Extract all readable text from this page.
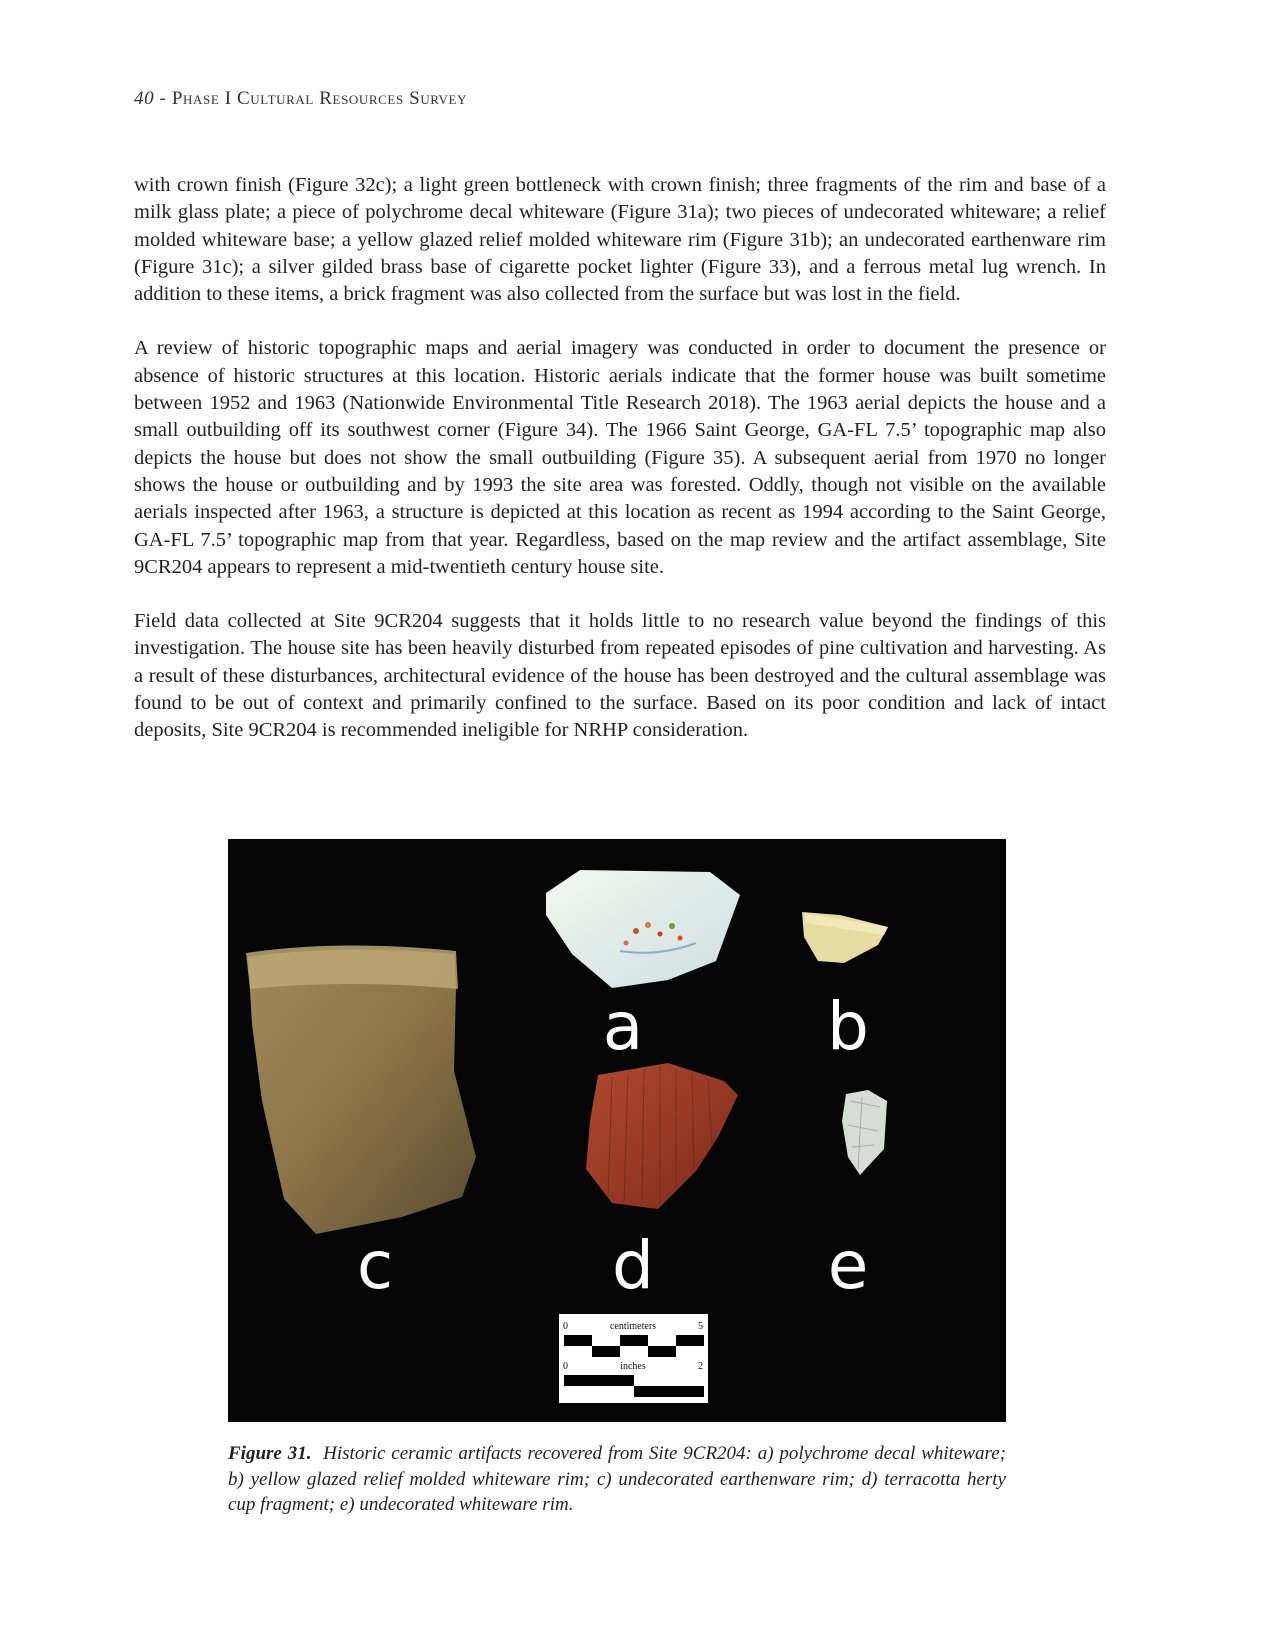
40 - Phase I Cultural Resources Survey

with crown finish (Figure 32c); a light green bottleneck with crown finish; three fragments of the rim and base of a milk glass plate; a piece of polychrome decal whiteware (Figure 31a); two pieces of undecorated whiteware; a relief molded whiteware base; a yellow glazed relief molded whiteware rim (Figure 31b); an undecorated earthenware rim (Figure 31c); a silver gilded brass base of cigarette pocket lighter (Figure 33), and a ferrous metal lug wrench. In addition to these items, a brick fragment was also collected from the surface but was lost in the field.

A review of historic topographic maps and aerial imagery was conducted in order to document the presence or absence of historic structures at this location. Historic aerials indicate that the former house was built sometime between 1952 and 1963 (Nationwide Environmental Title Research 2018). The 1963 aerial depicts the house and a small outbuilding off its southwest corner (Figure 34). The 1966 Saint George, GA-FL 7.5’ topographic map also depicts the house but does not show the small outbuilding (Figure 35). A subsequent aerial from 1970 no longer shows the house or outbuilding and by 1993 the site area was forested. Oddly, though not visible on the available aerials inspected after 1963, a structure is depicted at this location as recent as 1994 according to the Saint George, GA-FL 7.5’ topographic map from that year. Regardless, based on the map review and the artifact assemblage, Site 9CR204 appears to represent a mid-twentieth century house site.

Field data collected at Site 9CR204 suggests that it holds little to no research value beyond the findings of this investigation. The house site has been heavily disturbed from repeated episodes of pine cultivation and harvesting. As a result of these disturbances, architectural evidence of the house has been destroyed and the cultural assemblage was found to be out of context and primarily confined to the surface. Based on its poor condition and lack of intact deposits, Site 9CR204 is recommended ineligible for NRHP consideration.

a	b
c	d	e
0	centimeters	5
0	inches	2

Figure 31. Historic ceramic artifacts recovered from Site 9CR204: a) polychrome decal whiteware; b) yellow glazed relief molded whiteware rim; c) undecorated earthenware rim; d) terracotta herty cup fragment; e) undecorated whiteware rim.
